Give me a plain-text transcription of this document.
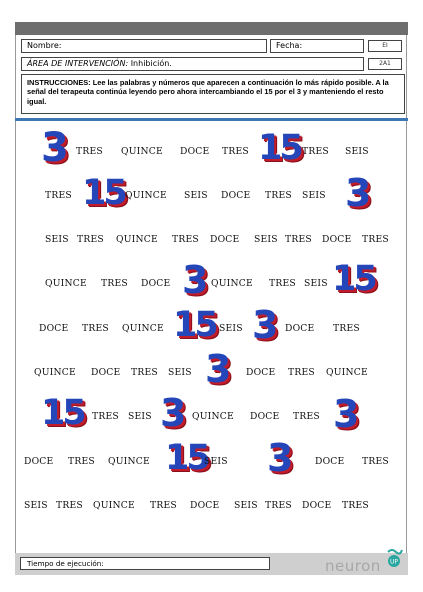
Nombre:	Fecha:	EI
ÁREA DE INTERVENCIÓN: Inhibición.	2A1
INSTRUCCIONES: Lee las palabras y números que aparecen a continuación lo más rápido posible. A la señal del terapeuta continúa leyendo pero ahora intercambiando el 15 por el 3 y manteniendo el resto igual.
3 TRES QUINCE DOCE TRES 15 TRES SEIS
TRES 15 QUINCE SEIS DOCE TRES SEIS 3
SEIS TRES QUINCE TRES DOCE SEIS TRES DOCE TRES
QUINCE TRES DOCE 3 QUINCE TRES SEIS 15
DOCE TRES QUINCE 15 SEIS 3 DOCE TRES
QUINCE DOCE TRES SEIS 3 DOCE TRES QUINCE
15 TRES SEIS 3 QUINCE DOCE TRES 3
DOCE TRES QUINCE 15
SEIS 3 DOCE TRES
SEIS TRES QUINCE TRES DOCE SEIS TRES DOCE TRES
Tiempo de ejecución:	neuron UP
